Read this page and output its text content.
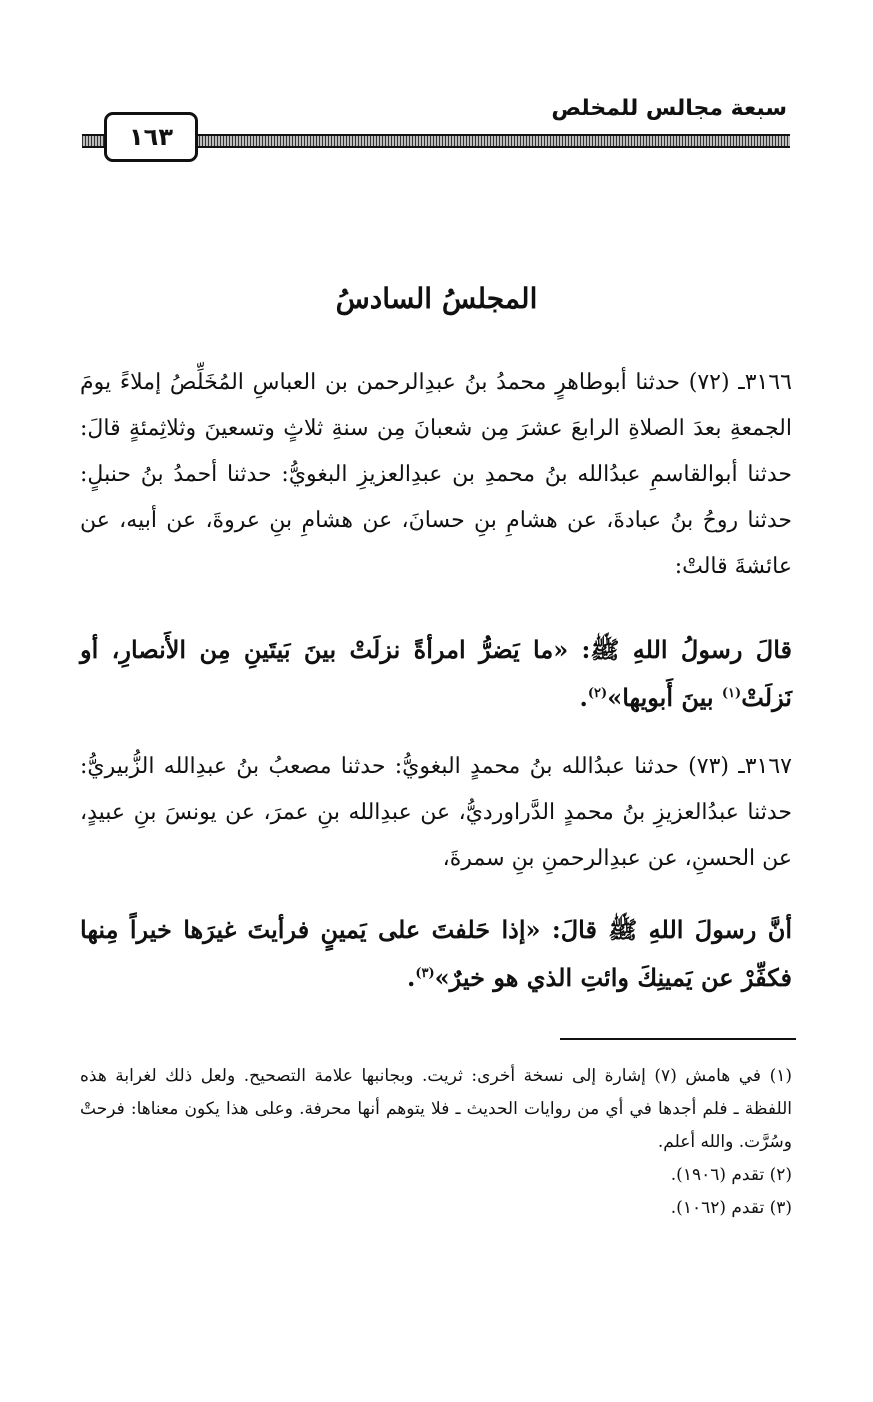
١٦٣
سبعة مجالس للمخلص
المجلسُ السادسُ
٣١٦٦ـ (٧٢) حدثنا أبوطاهرٍ محمدُ بنُ عبدِالرحمن بن العباسِ المُخَلِّصُ إملاءً يومَ الجمعةِ بعدَ الصلاةِ الرابعَ عشرَ مِن شعبانَ مِن سنةِ ثلاثٍ وتسعينَ وثلاثِمئةٍ قالَ: حدثنا أبوالقاسمِ عبدُالله بنُ محمدِ بن عبدِالعزيزِ البغويُّ: حدثنا أحمدُ بنُ حنبلٍ: حدثنا روحُ بنُ عبادةَ، عن هشامِ بنِ حسانَ، عن هشامِ بنِ عروةَ، عن أبيه، عن عائشةَ قالتْ:
قالَ رسولُ اللهِ ﷺ: «ما يَضرُّ امرأةً نزلَتْ بينَ بَيتَينِ مِن الأَنصارِ، أو نَزلَتْ$^{(١)}$ بينَ أَبويها»$^{(٢)}$.
٣١٦٧ـ (٧٣) حدثنا عبدُالله بنُ محمدٍ البغويُّ: حدثنا مصعبُ بنُ عبدِالله الزُّبيريُّ: حدثنا عبدُالعزيزِ بنُ محمدٍ الدَّراورديُّ، عن عبدِالله بنِ عمرَ، عن يونسَ بنِ عبيدٍ، عن الحسنِ، عن عبدِالرحمنِ بنِ سمرةَ،
أنَّ رسولَ اللهِ ﷺ قالَ: «إذا حَلفتَ على يَمينٍ فرأيتَ غيرَها خيراً مِنها فكفِّرْ عن يَمينِكَ وائتِ الذي هو خيرٌ»$^{(٣)}$.

(١) في هامش (٧) إشارة إلى نسخة أخرى: ثريت. وبجانبها علامة التصحيح. ولعل ذلك لغرابة هذه اللفظة ـ فلم أجدها في أي من روايات الحديث ـ فلا يتوهم أنها محرفة. وعلى هذا يكون معناها: فرحتْ وسُرَّت. والله أعلم.

(٢) تقدم (١٩٠٦).

(٣) تقدم (١٠٦٢).
